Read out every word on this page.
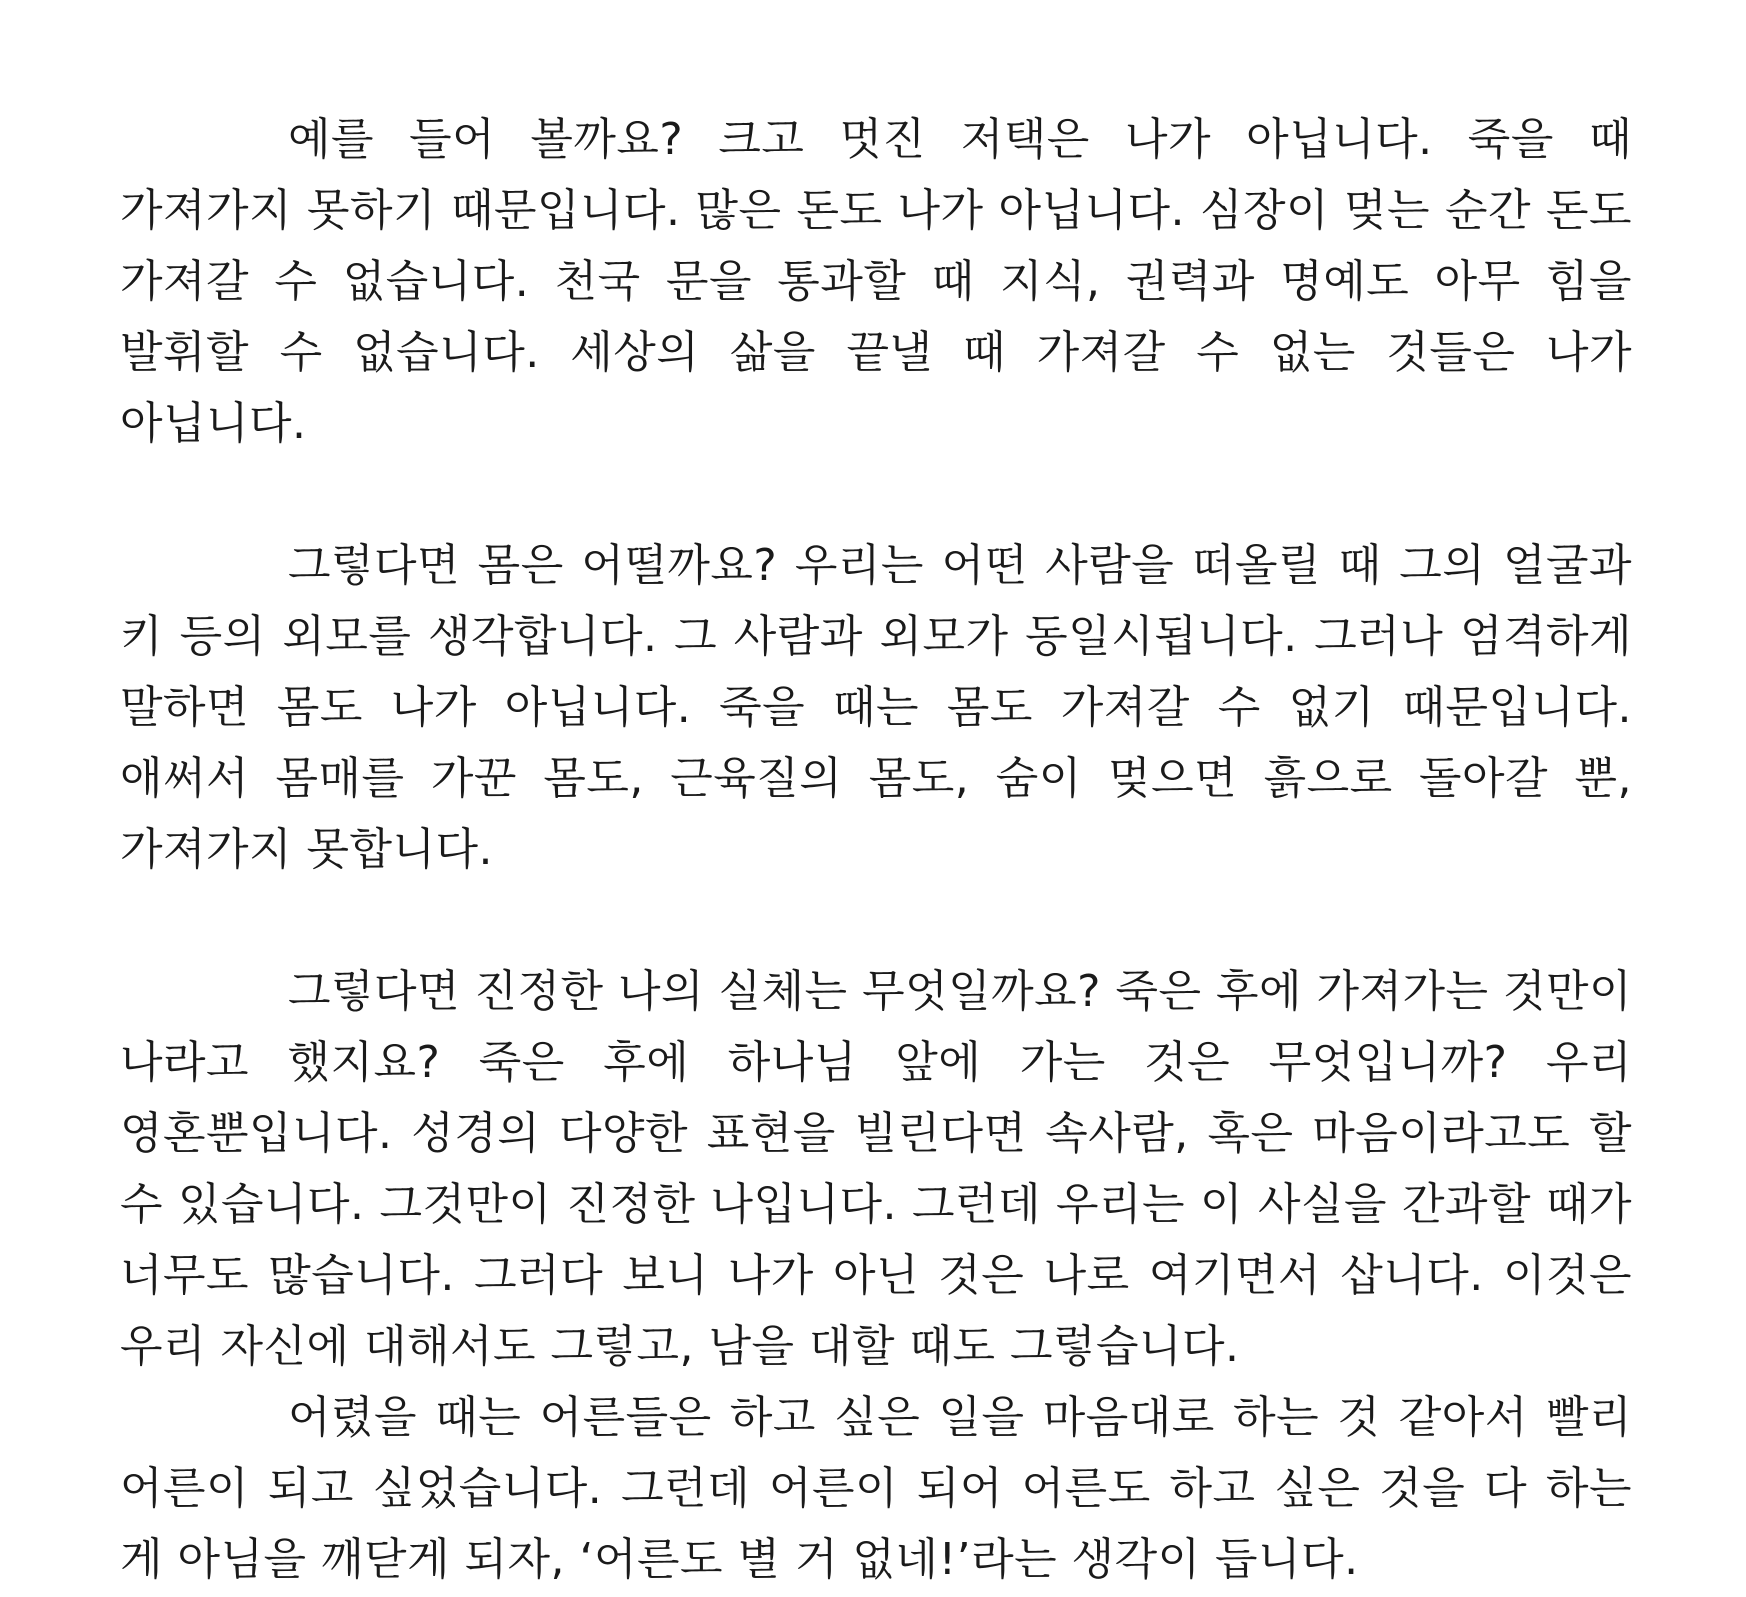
예를 들어 볼까요? 크고 멋진 저택은 나가 아닙니다. 죽을 때 가져가지 못하기 때문입니다. 많은 돈도 나가 아닙니다. 심장이 멎는 순간 돈도 가져갈 수 없습니다. 천국 문을 통과할 때 지식, 권력과 명예도 아무 힘을 발휘할 수 없습니다. 세상의 삶을 끝낼 때 가져갈 수 없는 것들은 나가 아닙니다.

그렇다면 몸은 어떨까요? 우리는 어떤 사람을 떠올릴 때 그의 얼굴과 키 등의 외모를 생각합니다. 그 사람과 외모가 동일시됩니다. 그러나 엄격하게 말하면 몸도 나가 아닙니다. 죽을 때는 몸도 가져갈 수 없기 때문입니다. 애써서 몸매를 가꾼 몸도, 근육질의 몸도, 숨이 멎으면 흙으로 돌아갈 뿐, 가져가지 못합니다.

그렇다면 진정한 나의 실체는 무엇일까요? 죽은 후에 가져가는 것만이 나라고 했지요? 죽은 후에 하나님 앞에 가는 것은 무엇입니까? 우리 영혼뿐입니다. 성경의 다양한 표현을 빌린다면 속사람, 혹은 마음이라고도 할 수 있습니다. 그것만이 진정한 나입니다. 그런데 우리는 이 사실을 간과할 때가 너무도 많습니다. 그러다 보니 나가 아닌 것은 나로 여기면서 삽니다. 이것은 우리 자신에 대해서도 그렇고, 남을 대할 때도 그렇습니다.

어렸을 때는 어른들은 하고 싶은 일을 마음대로 하는 것 같아서 빨리 어른이 되고 싶었습니다. 그런데 어른이 되어 어른도 하고 싶은 것을 다 하는 게 아님을 깨닫게 되자, ‘어른도 별 거 없네!’라는 생각이 듭니다.
